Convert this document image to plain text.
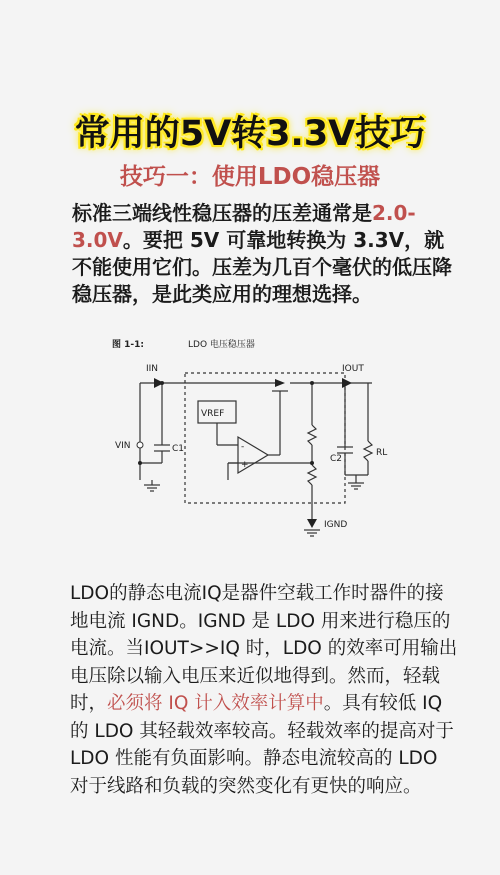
常用的5V转3.3V技巧
技巧一：使用LDO稳压器
标准三端线性稳压器的压差通常是2.0-3.0V。要把 5V 可靠地转换为 3.3V，就不能使用它们。压差为几百个毫伏的低压降 稳压器，是此类应用的理想选择。
图 1-1:	LDO 电压稳压器
IIN	IOUT
VIN	C1
C2
RL
VREF
IGND
-
+
LDO的静态电流IQ是器件空载工作时器件的接地电流 IGND。IGND 是 LDO 用来进行稳压的电流。当IOUT>>IQ 时，LDO 的效率可用输出电压除以输入电压来近似地得到。然而，轻载时，必须将 IQ 计入效率计算中。具有较低 IQ 的 LDO 其轻载效率较高。轻载效率的提高对于 LDO 性能有负面影响。静态电流较高的 LDO 对于线路和负载的突然变化有更快的响应。
